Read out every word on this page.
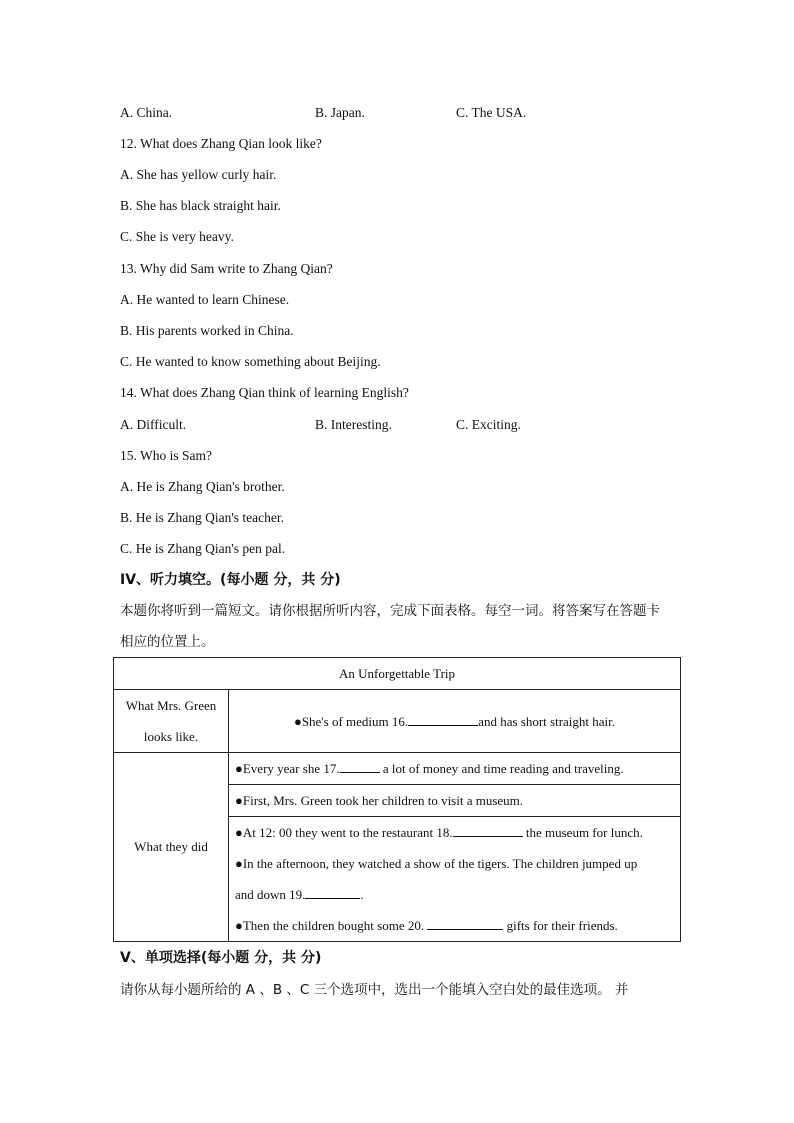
A. China.	B. Japan.	C. The USA.
12. What does Zhang Qian look like?
A. She has yellow curly hair.
B. She has black straight hair.
C. She is very heavy.
13. Why did Sam write to Zhang Qian?
A. He wanted to learn Chinese.
B. His parents worked in China.
C. He wanted to know something about Beijing.
14. What does Zhang Qian think of learning English?
A. Difficult.	B. Interesting.	C. Exciting.
15. Who is Sam?
A. He is Zhang Qian's brother.
B. He is Zhang Qian's teacher.
C. He is Zhang Qian's pen pal.
IV、听力填空。(每小题 分，共 分)
本题你将听到一篇短文。请你根据所听内容，完成下面表格。每空一词。将答案写在答题卡
相应的位置上。
An Unforgettable Trip	

What Mrs. Green
looks like.	●She's of medium 16. and has short straight hair.
What they did	●Every year she 17. a lot of money and time reading and traveling.
	●First, Mrs. Green took her children to visit a museum.

	●At 12: 00 they went to the restaurant 18. the museum for lunch.
●In the afternoon, they watched a show of the tigers. The children jumped up
and down 19. .
●Then the children bought some 20. gifts for their friends.
V、单项选择(每小题 分，共 分)
请你从每小题所给的 A 、B 、C 三个选项中，选出一个能填入空白处的最佳选项。 并
